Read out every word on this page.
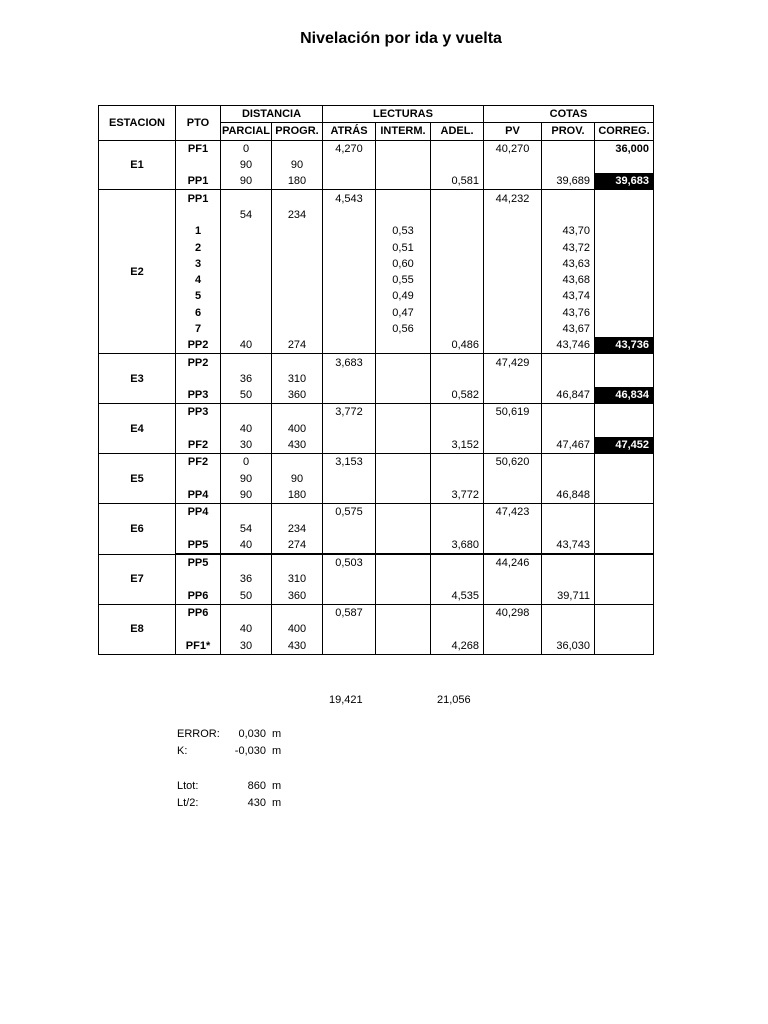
Nivelación por ida y vuelta
ESTACION	PTO	DISTANCIA		LECTURAS			COTAS		
		PARCIAL	PROGR.	ATRÁS	INTERM.	ADEL.	PV	PROV.	CORREG.
E1	PF1	0		4,270			40,270		36,000
		90	90						
	PP1	90	180			0,581		39,689	39,683
E2	PP1			4,543			44,232		
		54	234						
	1				0,53			43,70	
	2				0,51			43,72	
	3				0,60			43,63	
	4				0,55			43,68	
	5				0,49			43,74	
	6				0,47			43,76	
	7				0,56			43,67	
	PP2	40	274			0,486		43,746	43,736
E3	PP2			3,683			47,429		
		36	310						
	PP3	50	360			0,582		46,847	46,834
E4	PP3			3,772			50,619		
		40	400						
	PF2	30	430			3,152		47,467	47,452
E5	PF2	0		3,153			50,620		
		90	90						
	PP4	90	180			3,772		46,848	
E6	PP4			0,575			47,423		
		54	234						
	PP5	40	274			3,680		43,743	
E7	PP5			0,503			44,246		
		36	310						
	PP6	50	360			4,535		39,711	
E8	PP6			0,587			40,298		
		40	400						
	PF1*	30	430			4,268		36,030	
19,421	21,056
ERROR:	0,030 m
K:	-0,030 m
Ltot:	860 m
Lt/2:	430 m
